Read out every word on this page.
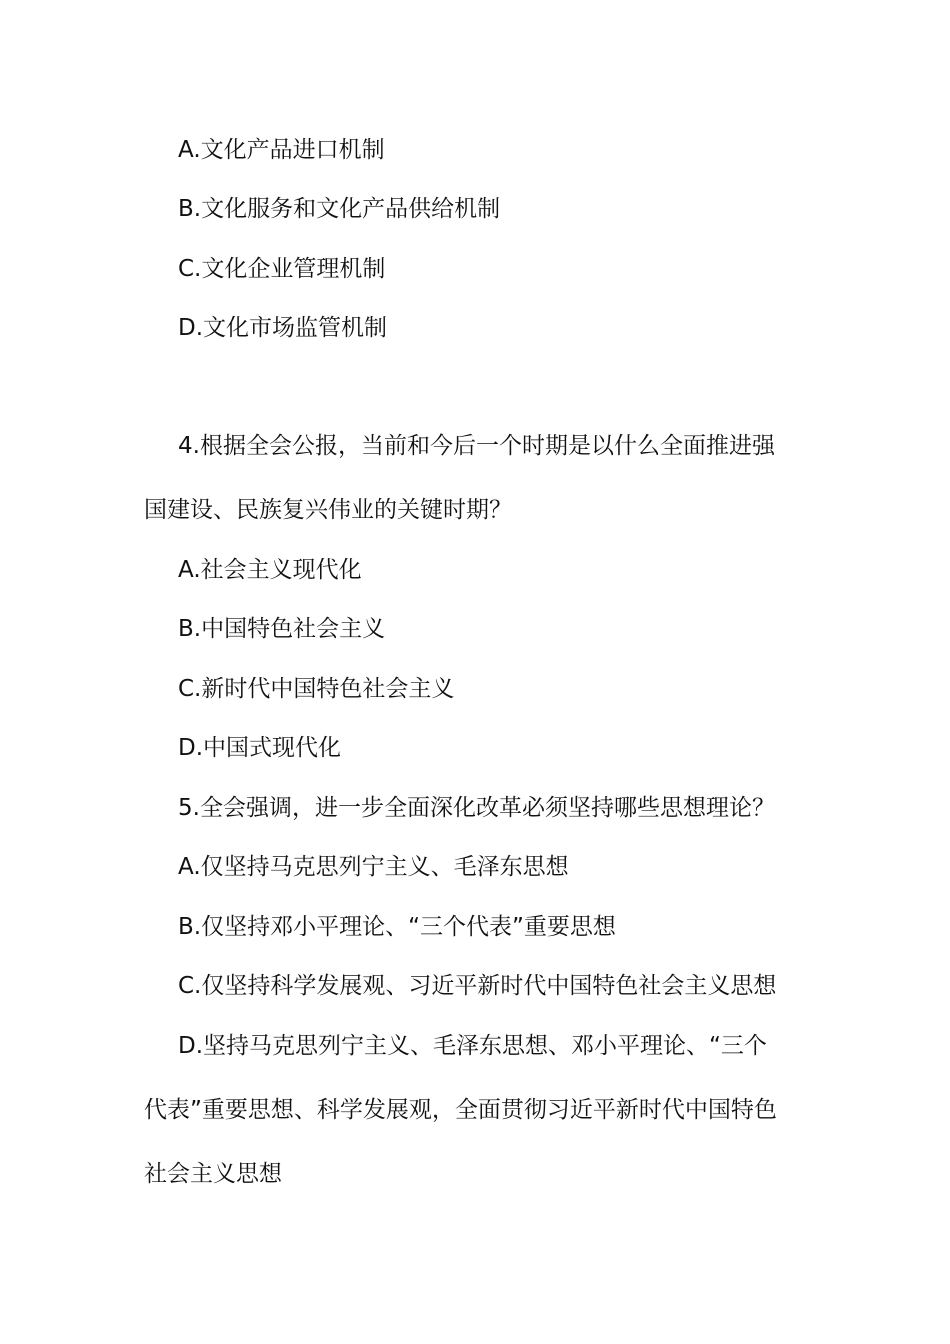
A.文化产品进口机制
B.文化服务和文化产品供给机制
C.文化企业管理机制
D.文化市场监管机制
4.根据全会公报，当前和今后一个时期是以什么全面推进强
国建设、民族复兴伟业的关键时期？
A.社会主义现代化
B.中国特色社会主义
C.新时代中国特色社会主义
D.中国式现代化
5.全会强调，进一步全面深化改革必须坚持哪些思想理论？
A.仅坚持马克思列宁主义、毛泽东思想
B.仅坚持邓小平理论、“三个代表”重要思想
C.仅坚持科学发展观、习近平新时代中国特色社会主义思想
D.坚持马克思列宁主义、毛泽东思想、邓小平理论、“三个
代表”重要思想、科学发展观，全面贯彻习近平新时代中国特色
社会主义思想
